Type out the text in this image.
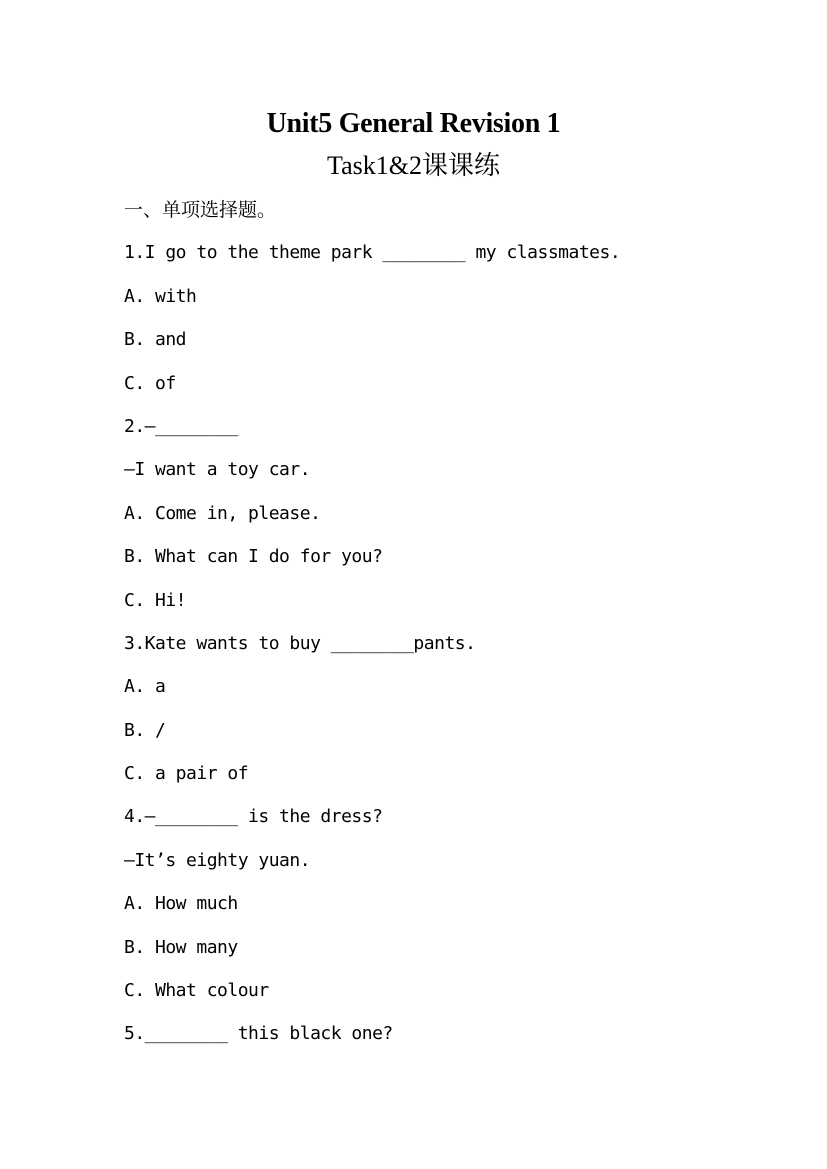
Unit5 General Revision 1
Task1&2课课练
一、单项选择题。
1.I go to the theme park ________ my classmates.
A. with
B. and
C. of
2.—________
—I want a toy car.
A. Come in, please.
B. What can I do for you?
C. Hi!
3.Kate wants to buy ________pants.
A. a
B. /
C. a pair of
4.—________ is the dress?
—It’s eighty yuan.
A. How much
B. How many
C. What colour
5.________ this black one?
